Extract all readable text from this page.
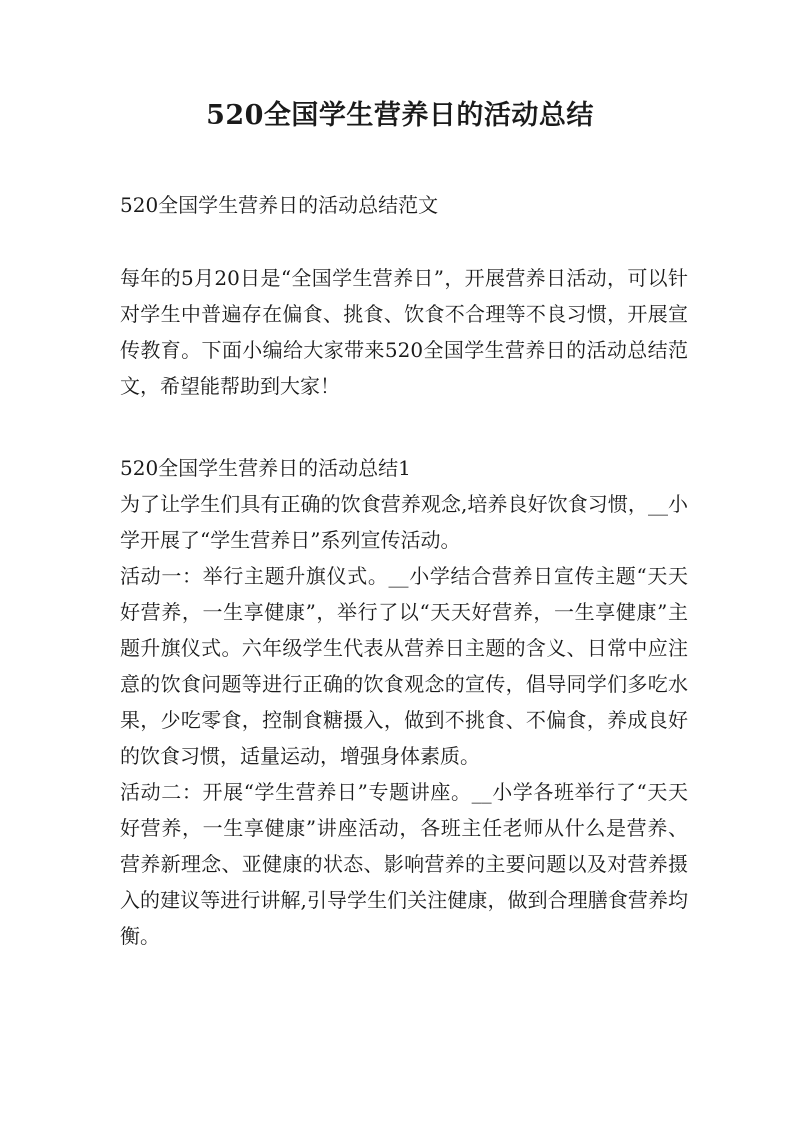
520全国学生营养日的活动总结

520全国学生营养日的活动总结范文

每年的5月20日是“全国学生营养日”，开展营养日活动，可以针对学生中普遍存在偏食、挑食、饮食不合理等不良习惯，开展宣传教育。下面小编给大家带来520全国学生营养日的活动总结范文，希望能帮助到大家！

520全国学生营养日的活动总结1

为了让学生们具有正确的饮食营养观念,培养良好饮食习惯，__小学开展了“学生营养日”系列宣传活动。

活动一：举行主题升旗仪式。__小学结合营养日宣传主题“天天好营养，一生享健康”，举行了以“天天好营养，一生享健康”主题升旗仪式。六年级学生代表从营养日主题的含义、日常中应注意的饮食问题等进行正确的饮食观念的宣传，倡导同学们多吃水果，少吃零食，控制食糖摄入，做到不挑食、不偏食，养成良好的饮食习惯，适量运动，增强身体素质。

活动二：开展“学生营养日”专题讲座。__小学各班举行了“天天好营养，一生享健康”讲座活动，各班主任老师从什么是营养、营养新理念、亚健康的状态、影响营养的主要问题以及对营养摄入的建议等进行讲解,引导学生们关注健康，做到合理膳食营养均衡。
